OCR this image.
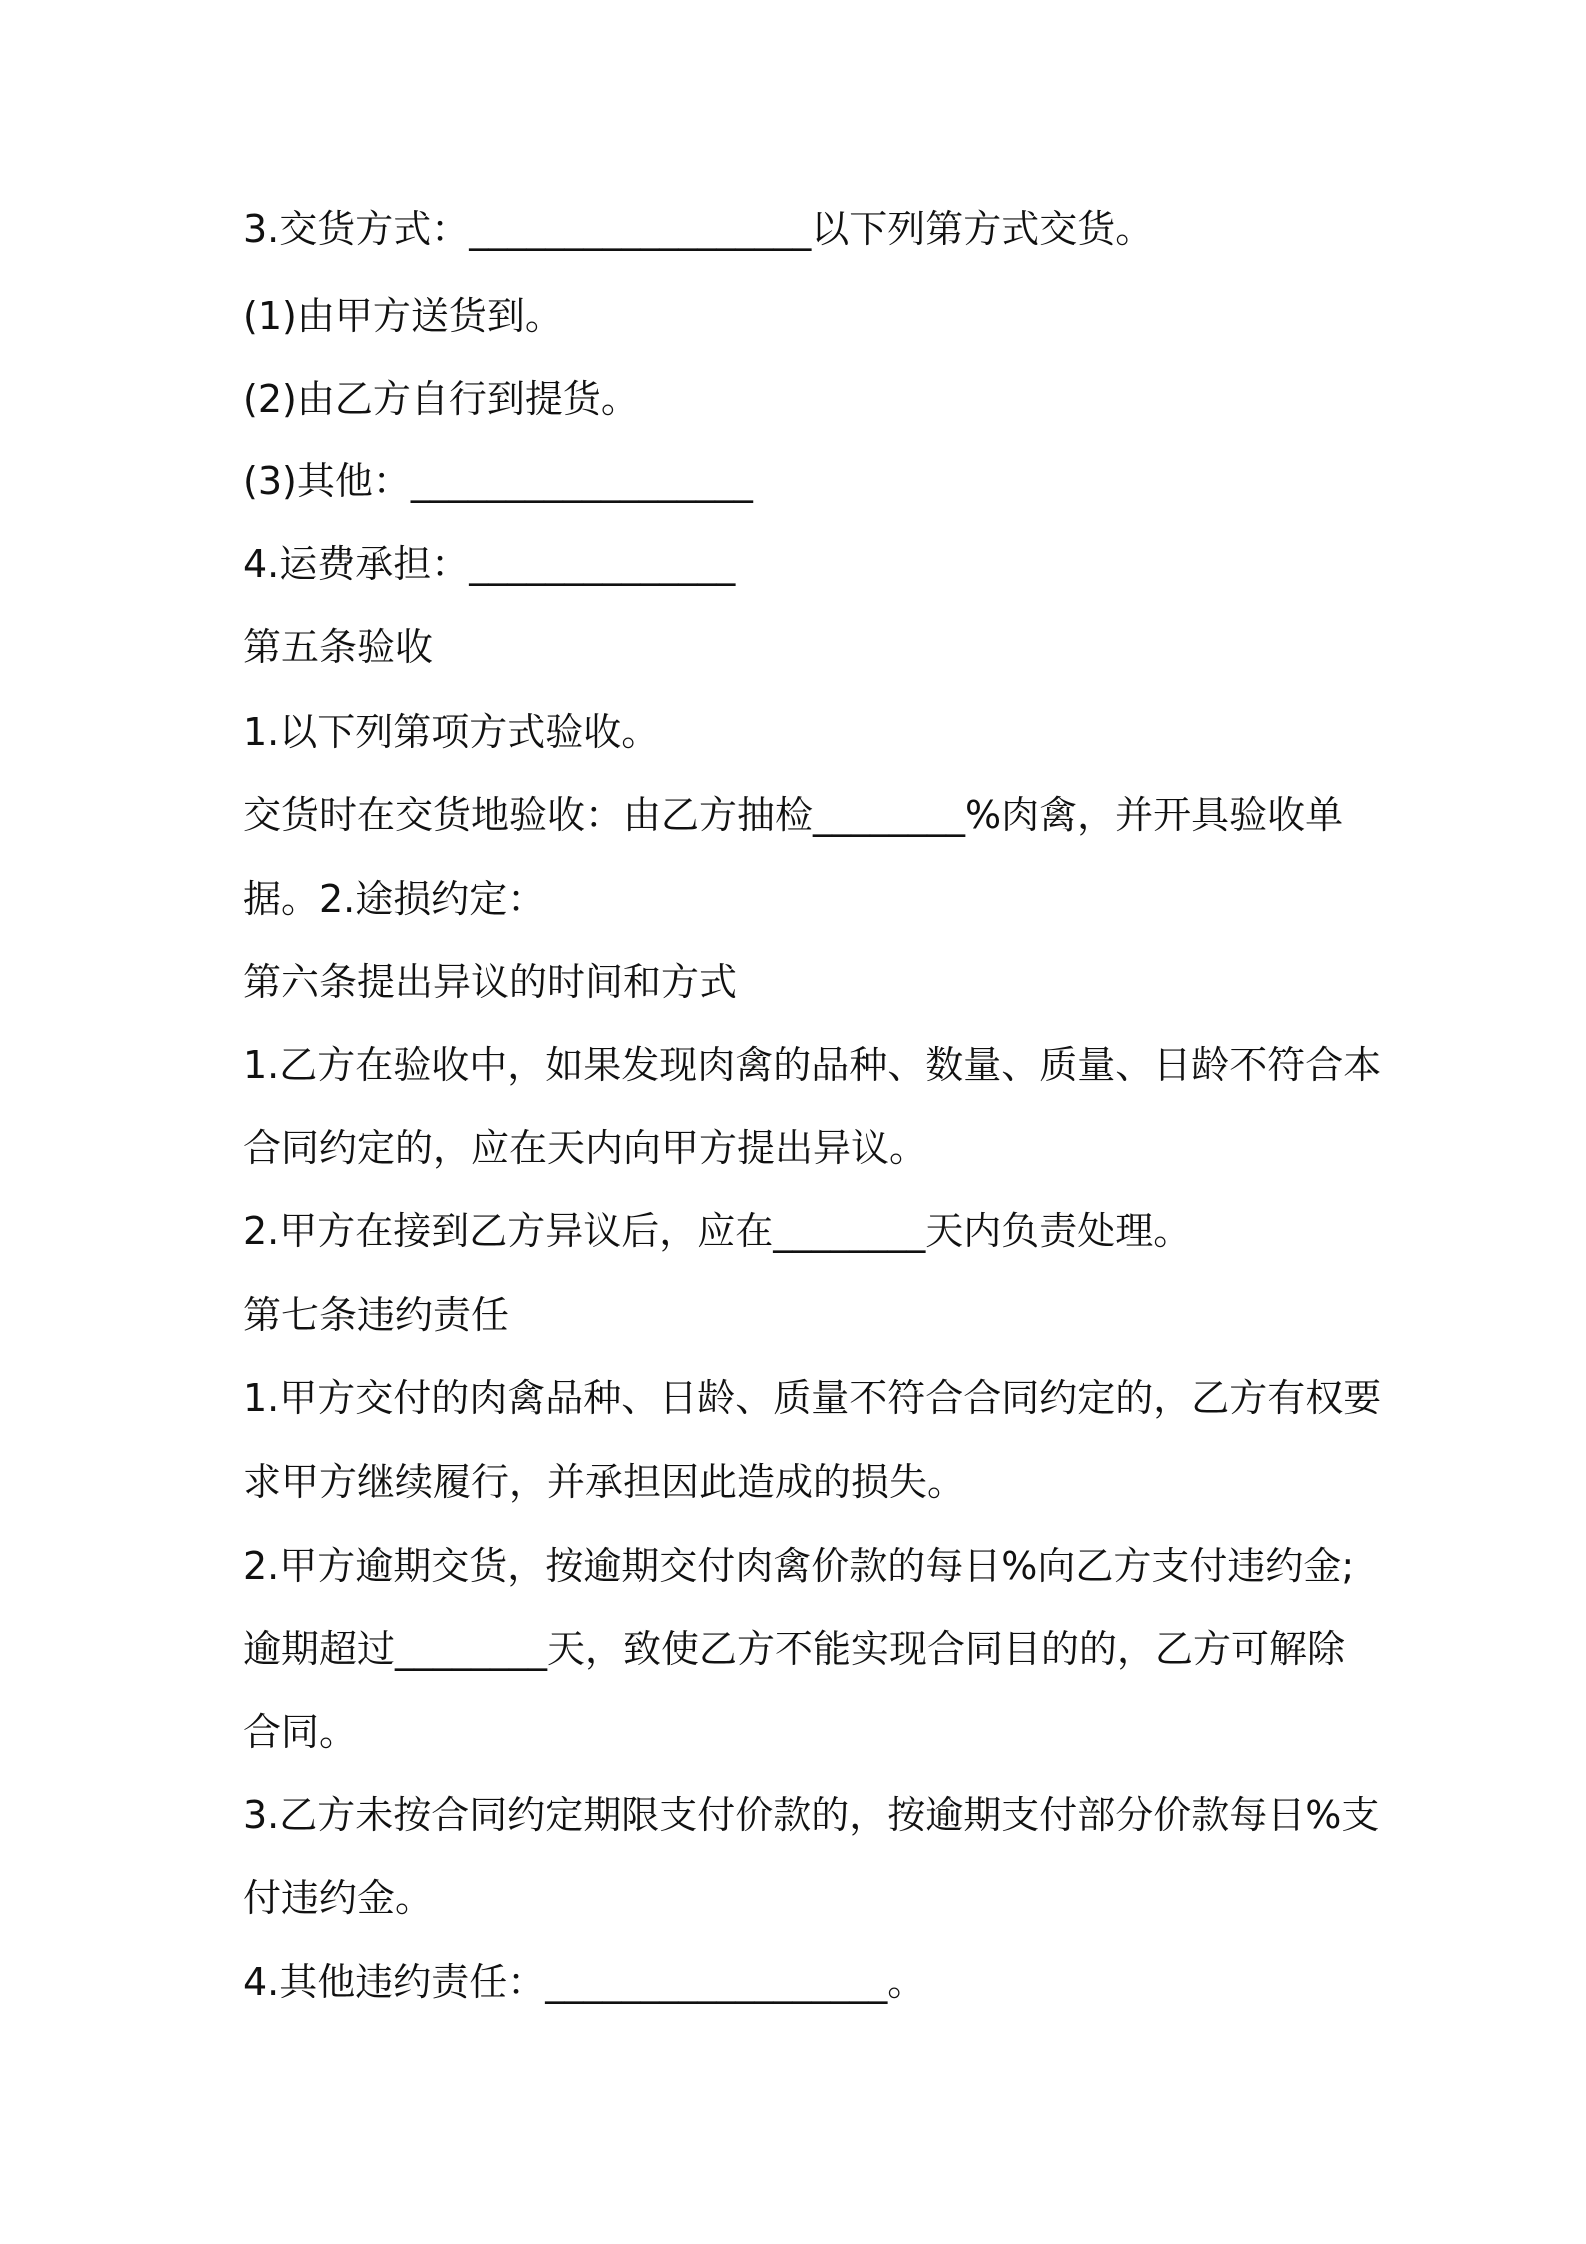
3.交货方式：__________________以下列第方式交货。

(1)由甲方送货到。

(2)由乙方自行到提货。

(3)其他：__________________

4.运费承担：______________

第五条验收

1.以下列第项方式验收。

交货时在交货地验收：由乙方抽检________%肉禽，并开具验收单

据。2.途损约定：

第六条提出异议的时间和方式

1.乙方在验收中，如果发现肉禽的品种、数量、质量、日龄不符合本

合同约定的，应在天内向甲方提出异议。

2.甲方在接到乙方异议后，应在________天内负责处理。

第七条违约责任

1.甲方交付的肉禽品种、日龄、质量不符合合同约定的，乙方有权要

求甲方继续履行，并承担因此造成的损失。

2.甲方逾期交货，按逾期交付肉禽价款的每日%向乙方支付违约金;

逾期超过________天，致使乙方不能实现合同目的的，乙方可解除

合同。

3.乙方未按合同约定期限支付价款的，按逾期支付部分价款每日%支

付违约金。

4.其他违约责任：__________________。
